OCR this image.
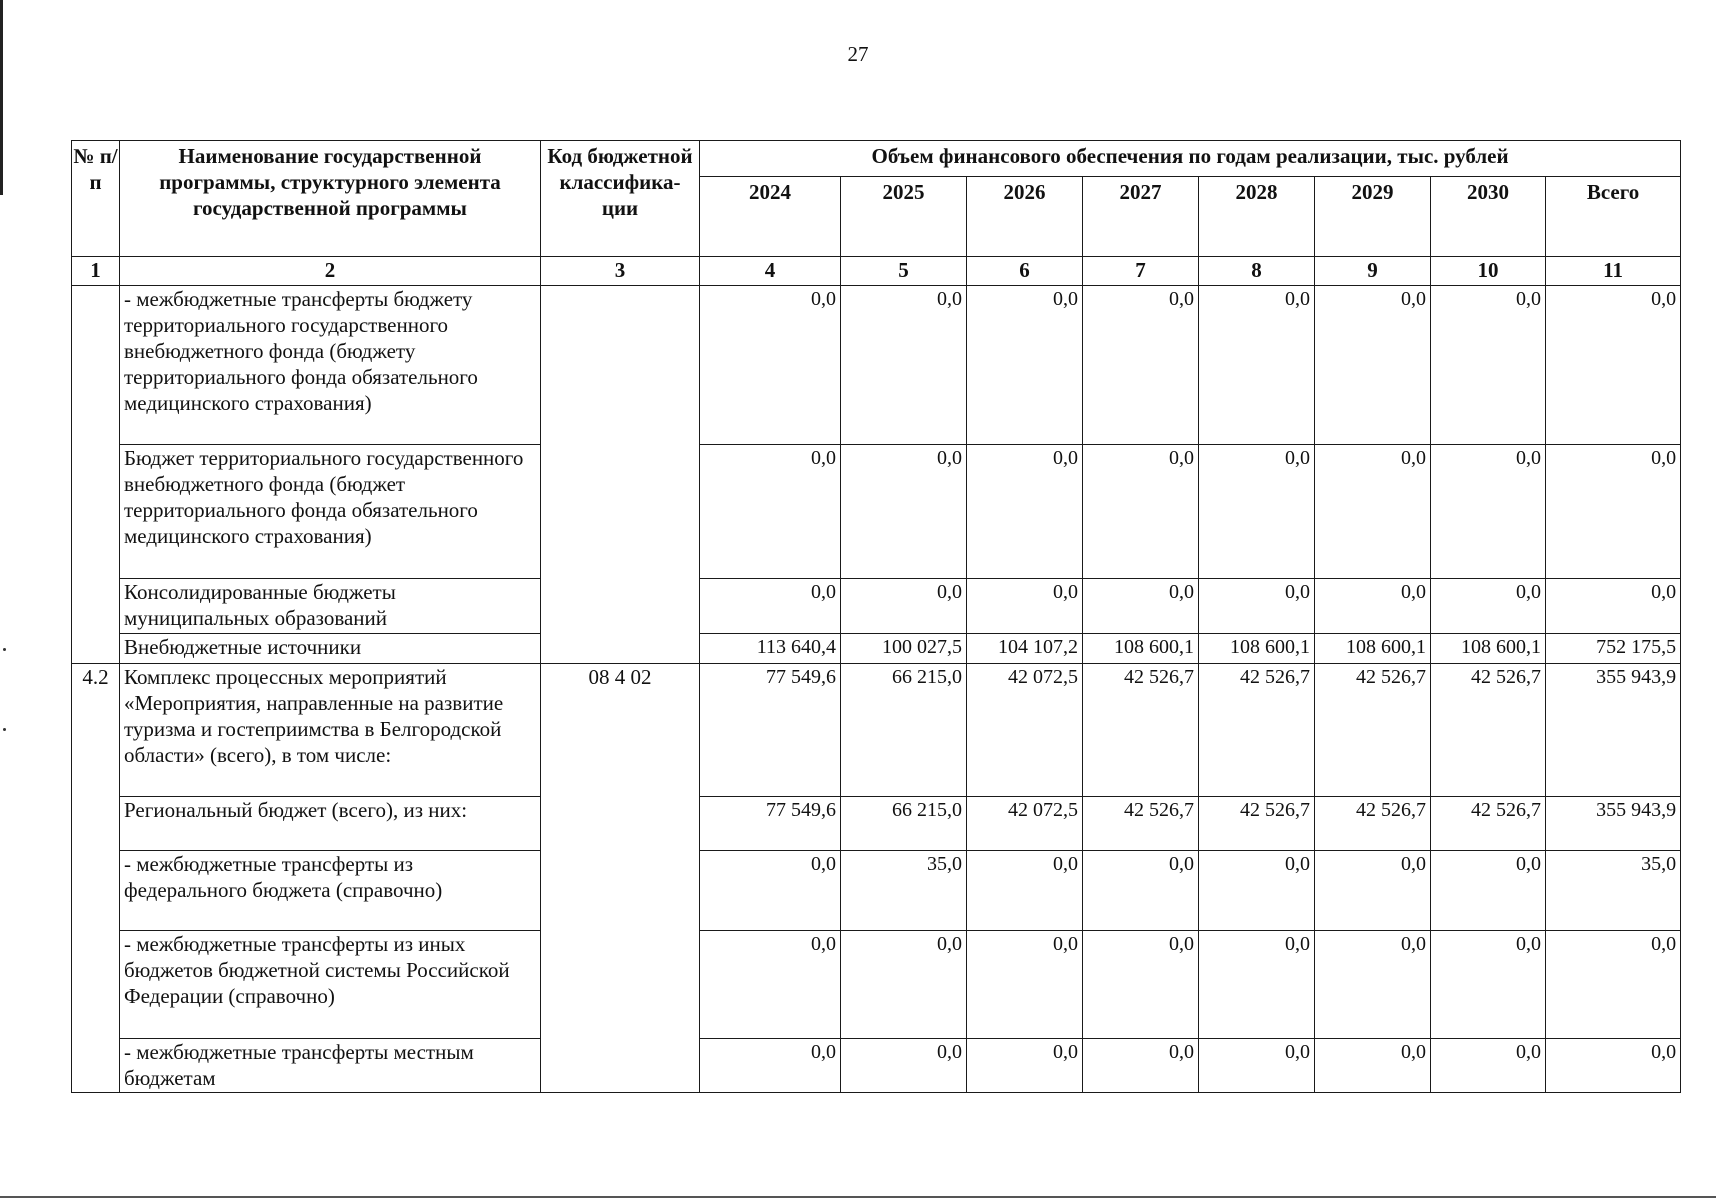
27
№ п/п	Наименование государственной программы, структурного элемента государственной программы	Код бюджетной классифика-ции	Объем финансового обеспечения по годам реализации, тыс. рублей							
			2024	2025	2026	2027	2028	2029	2030	Всего
1	2	3	4	5	6	7	8	9	10	11
	- межбюджетные трансферты бюджету территориального государственного внебюджетного фонда (бюджету территориального фонда обязательного медицинского страхования)		0,0	0,0	0,0	0,0	0,0	0,0	0,0	0,0
	Бюджет территориального государственного внебюджетного фонда (бюджет территориального фонда обязательного медицинского страхования)		0,0	0,0	0,0	0,0	0,0	0,0	0,0	0,0
	Консолидированные бюджеты муниципальных образований		0,0	0,0	0,0	0,0	0,0	0,0	0,0	0,0
	Внебюджетные источники		113 640,4	100 027,5	104 107,2	108 600,1	108 600,1	108 600,1	108 600,1	752 175,5
4.2	Комплекс процессных мероприятий «Мероприятия, направленные на развитие туризма и гостеприимства в Белгородской области» (всего), в том числе:	08 4 02	77 549,6	66 215,0	42 072,5	42 526,7	42 526,7	42 526,7	42 526,7	355 943,9
	Региональный бюджет (всего), из них:		77 549,6	66 215,0	42 072,5	42 526,7	42 526,7	42 526,7	42 526,7	355 943,9
	- межбюджетные трансферты из федерального бюджета (справочно)		0,0	35,0	0,0	0,0	0,0	0,0	0,0	35,0
	- межбюджетные трансферты из иных бюджетов бюджетной системы Российской Федерации (справочно)		0,0	0,0	0,0	0,0	0,0	0,0	0,0	0,0
	- межбюджетные трансферты местным бюджетам		0,0	0,0	0,0	0,0	0,0	0,0	0,0	0,0
